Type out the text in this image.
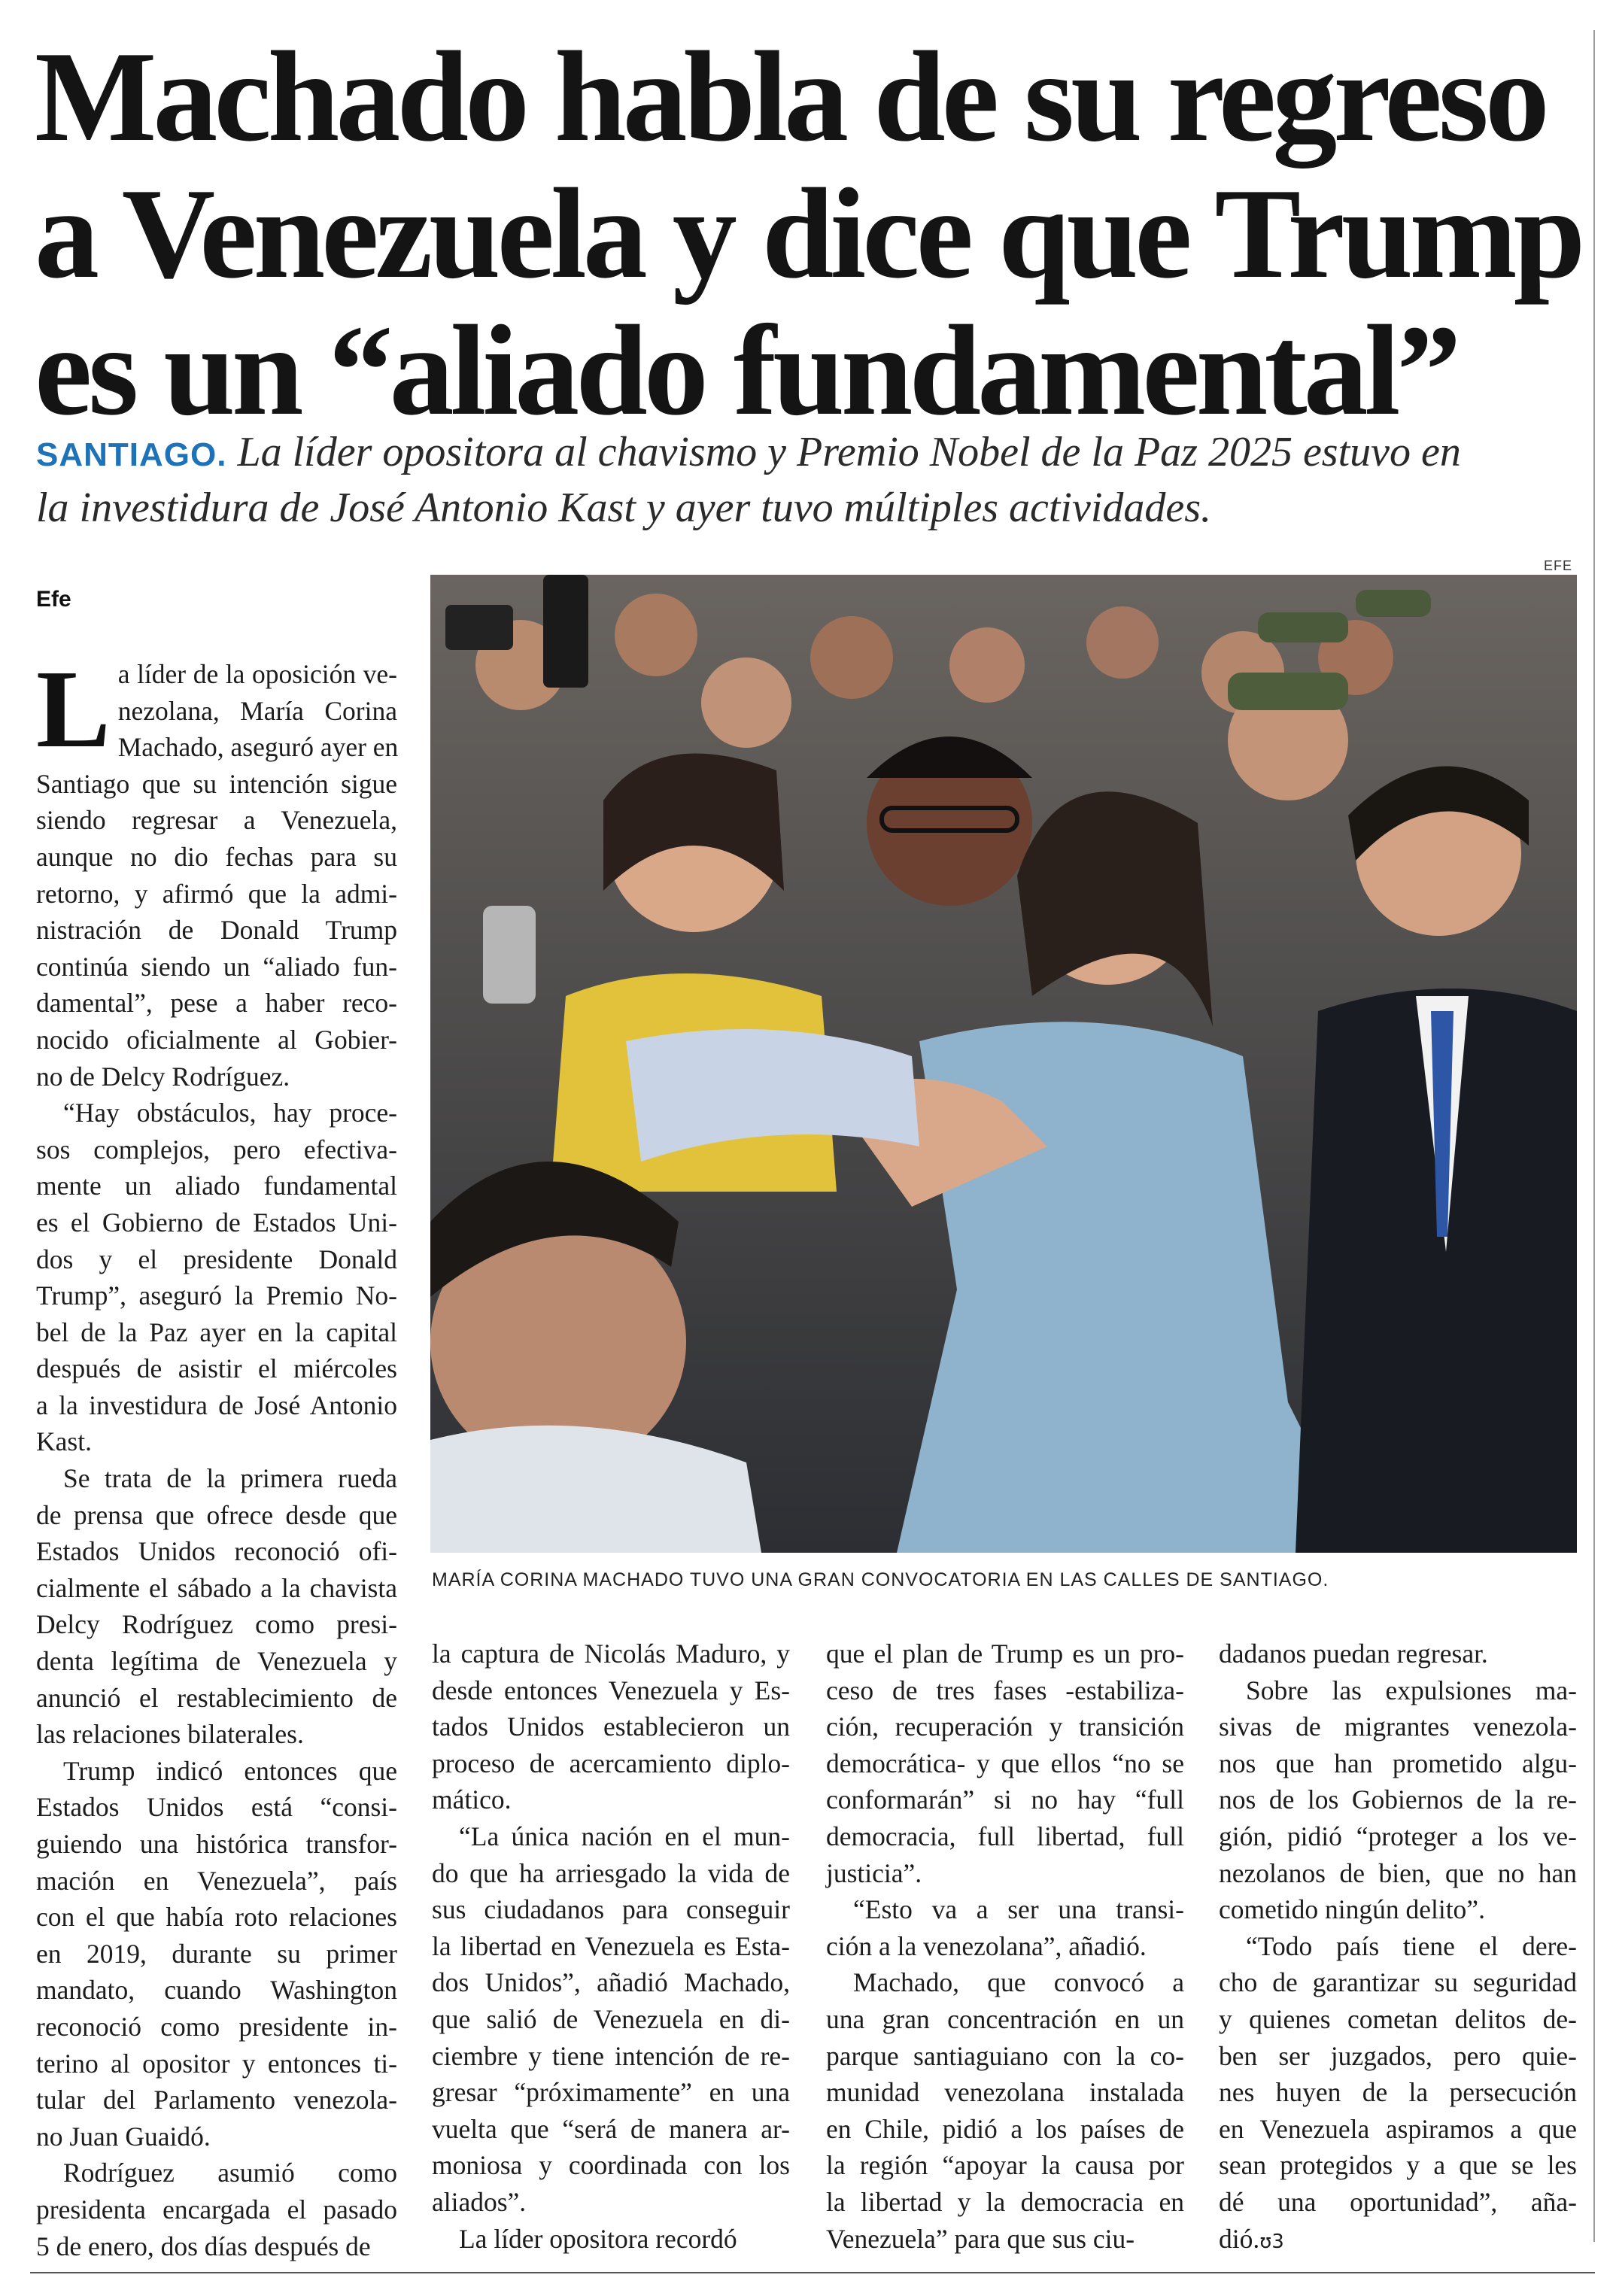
Machado habla de su regreso
a Venezuela y dice que Trump
es un “aliado fundamental”
SANTIAGO. La líder opositora al chavismo y Premio Nobel de la Paz 2025 estuvo en
la investidura de José Antonio Kast y ayer tuvo múltiples actividades.
EFE
MARÍA CORINA MACHADO TUVO UNA GRAN CONVOCATORIA EN LAS CALLES DE SANTIAGO.
Efe
L a líder de la oposición ve-
nezolana, María Corina
Machado, aseguró ayer en
Santiago que su intención sigue
siendo regresar a Venezuela,
aunque no dio fechas para su
retorno, y afirmó que la admi-
nistración de Donald Trump
continúa siendo un “aliado fun-
damental”, pese a haber reco-
nocido oficialmente al Gobier-
no de Delcy Rodríguez.
“Hay obstáculos, hay proce-
sos complejos, pero efectiva-
mente un aliado fundamental
es el Gobierno de Estados Uni-
dos y el presidente Donald
Trump”, aseguró la Premio No-
bel de la Paz ayer en la capital
después de asistir el miércoles
a la investidura de José Antonio
Kast.
Se trata de la primera rueda
de prensa que ofrece desde que
Estados Unidos reconoció ofi-
cialmente el sábado a la chavista
Delcy Rodríguez como presi-
denta legítima de Venezuela y
anunció el restablecimiento de
las relaciones bilaterales.
Trump indicó entonces que
Estados Unidos está “consi-
guiendo una histórica transfor-
mación en Venezuela”, país
con el que había roto relaciones
en 2019, durante su primer
mandato, cuando Washington
reconoció como presidente in-
terino al opositor y entonces ti-
tular del Parlamento venezola-
no Juan Guaidó.
Rodríguez asumió como
presidenta encargada el pasado
5 de enero, dos días después de
la captura de Nicolás Maduro, y
desde entonces Venezuela y Es-
tados Unidos establecieron un
proceso de acercamiento diplo-
mático.
“La única nación en el mun-
do que ha arriesgado la vida de
sus ciudadanos para conseguir
la libertad en Venezuela es Esta-
dos Unidos”, añadió Machado,
que salió de Venezuela en di-
ciembre y tiene intención de re-
gresar “próximamente” en una
vuelta que “será de manera ar-
moniosa y coordinada con los
aliados”.
La líder opositora recordó
que el plan de Trump es un pro-
ceso de tres fases -estabiliza-
ción, recuperación y transición
democrática- y que ellos “no se
conformarán” si no hay “full
democracia, full libertad, full
justicia”.
“Esto va a ser una transi-
ción a la venezolana”, añadió.
Machado, que convocó a
una gran concentración en un
parque santiaguiano con la co-
munidad venezolana instalada
en Chile, pidió a los países de
la región “apoyar la causa por
la libertad y la democracia en
Venezuela” para que sus ciu-
dadanos puedan regresar.
Sobre las expulsiones ma-
sivas de migrantes venezola-
nos que han prometido algu-
nos de los Gobiernos de la re-
gión, pidió “proteger a los ve-
nezolanos de bien, que no han
cometido ningún delito”.
“Todo país tiene el dere-
cho de garantizar su seguridad
y quienes cometan delitos de-
ben ser juzgados, pero quie-
nes huyen de la persecución
en Venezuela aspiramos a que
sean protegidos y a que se les
dé una oportunidad”, aña-
dió.ʊ3
